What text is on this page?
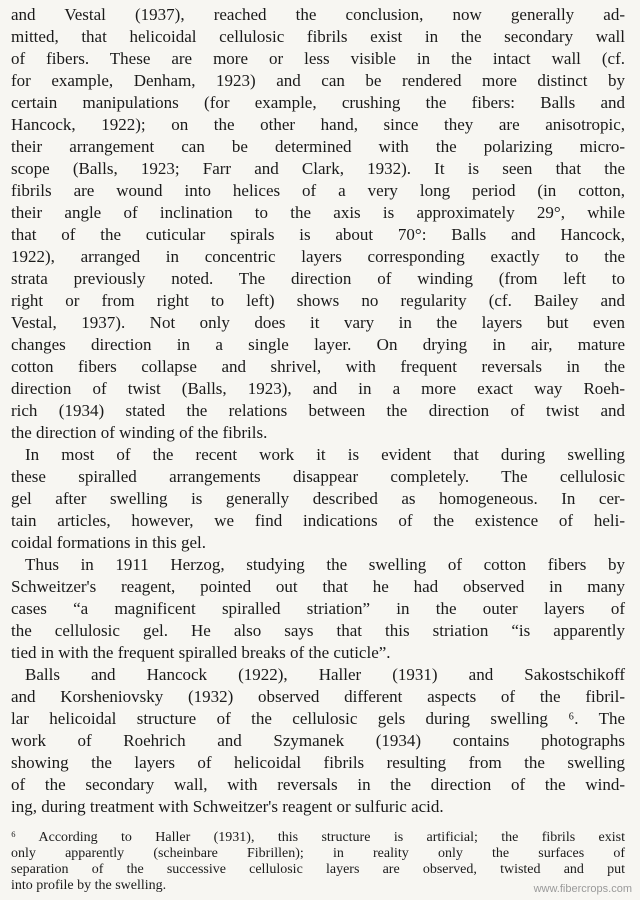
and Vestal (1937), reached the conclusion, now generally ad-
mitted, that helicoidal cellulosic fibrils exist in the secondary wall
of fibers. These are more or less visible in the intact wall (cf.
for example, Denham, 1923) and can be rendered more distinct by
certain manipulations (for example, crushing the fibers: Balls and
Hancock, 1922); on the other hand, since they are anisotropic,
their arrangement can be determined with the polarizing micro-
scope (Balls, 1923; Farr and Clark, 1932). It is seen that the
fibrils are wound into helices of a very long period (in cotton,
their angle of inclination to the axis is approximately 29°, while
that of the cuticular spirals is about 70°: Balls and Hancock,
1922), arranged in concentric layers corresponding exactly to the
strata previously noted. The direction of winding (from left to
right or from right to left) shows no regularity (cf. Bailey and
Vestal, 1937). Not only does it vary in the layers but even
changes direction in a single layer. On drying in air, mature
cotton fibers collapse and shrivel, with frequent reversals in the
direction of twist (Balls, 1923), and in a more exact way Roeh-
rich (1934) stated the relations between the direction of twist and
the direction of winding of the fibrils.
In most of the recent work it is evident that during swelling
these spiralled arrangements disappear completely. The cellulosic
gel after swelling is generally described as homogeneous. In cer-
tain articles, however, we find indications of the existence of heli-
coidal formations in this gel.
Thus in 1911 Herzog, studying the swelling of cotton fibers by
Schweitzer's reagent, pointed out that he had observed in many
cases “a magnificent spiralled striation” in the outer layers of
the cellulosic gel. He also says that this striation “is apparently
tied in with the frequent spiralled breaks of the cuticle”.
Balls and Hancock (1922), Haller (1931) and Sakostschikoff
and Korsheniovsky (1932) observed different aspects of the fibril-
lar helicoidal structure of the cellulosic gels during swelling ⁶. The
work of Roehrich and Szymanek (1934) contains photographs
showing the layers of helicoidal fibrils resulting from the swelling
of the secondary wall, with reversals in the direction of the wind-
ing, during treatment with Schweitzer's reagent or sulfuric acid.
⁶ According to Haller (1931), this structure is artificial; the fibrils exist
only apparently (scheinbare Fibrillen); in reality only the surfaces of
separation of the successive cellulosic layers are observed, twisted and put
into profile by the swelling.	www.fibercrops.com
